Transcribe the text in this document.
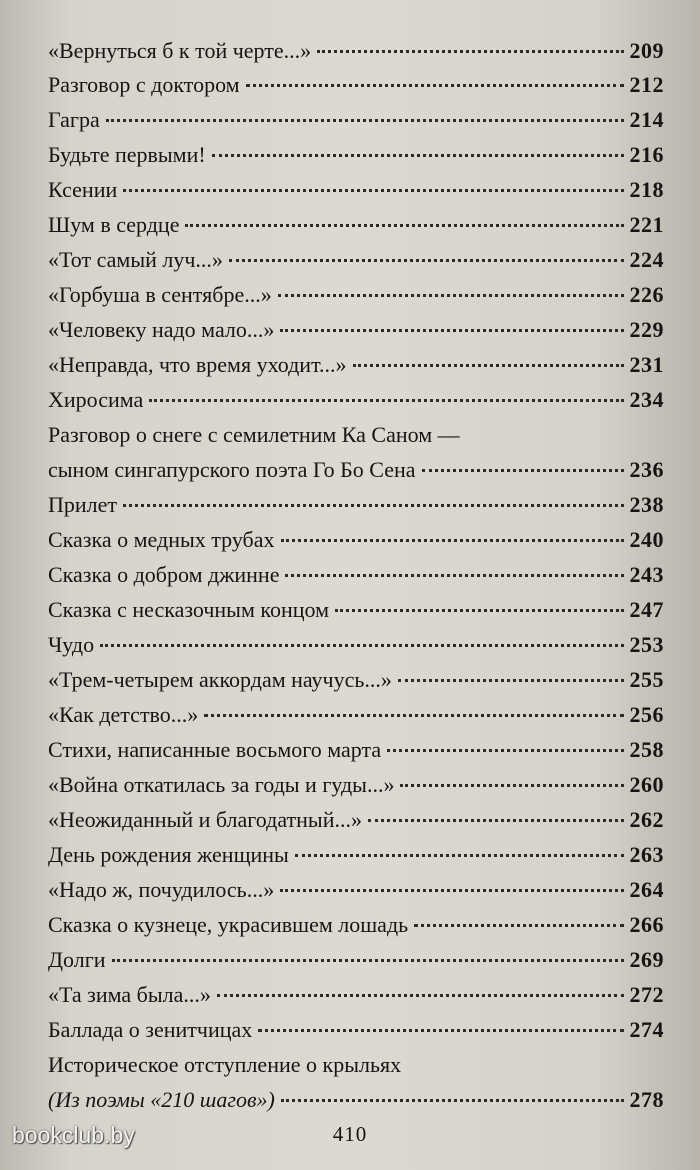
«Вернуться б к той черте...»	209
Разговор с доктором	212
Гагра	214
Будьте первыми!	216
Ксении	218
Шум в сердце	221
«Тот самый луч...»	224
«Горбуша в сентябре...»	226
«Человеку надо мало...»	229
«Неправда, что время уходит...»	231
Хиросима	234
Разговор о снеге с семилетним Ка Саном —
сыном сингапурского поэта Го Бо Сена	236
Прилет	238
Сказка о медных трубах	240
Сказка о добром джинне	243
Сказка с несказочным концом	247
Чудо	253
«Трем-четырем аккордам научусь...»	255
«Как детство...»	256
Стихи, написанные восьмого марта	258
«Война откатилась за годы и гуды...»	260
«Неожиданный и благодатный...»	262
День рождения женщины	263
«Надо ж, почудилось...»	264
Сказка о кузнеце, украсившем лошадь	266
Долги	269
«Та зима была...»	272
Баллада о зенитчицах	274
Историческое отступление о крыльях
(Из поэмы «210 шагов»)	278
bookclub.by	410
